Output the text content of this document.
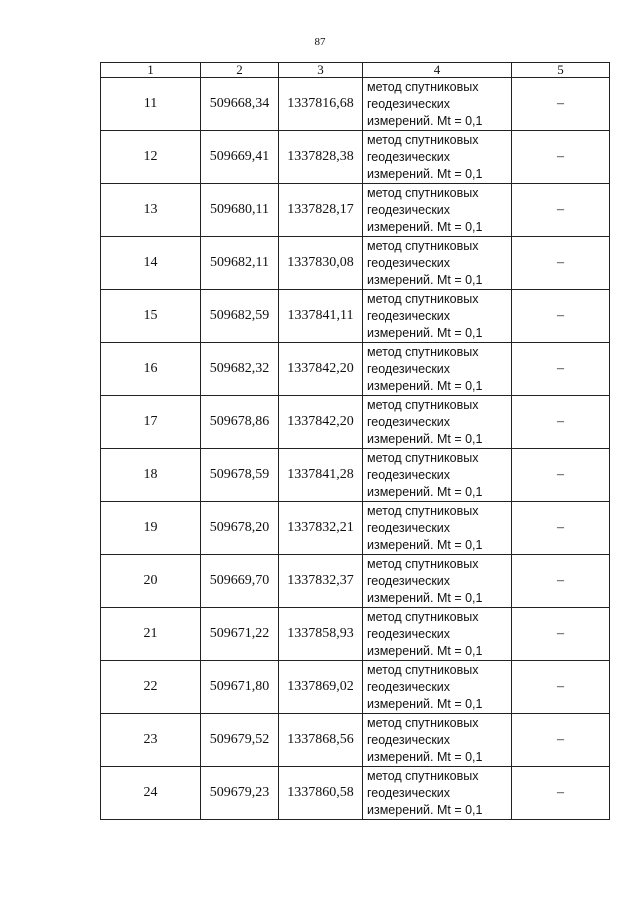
87
1	2	3	4	5
11	509668,34	1337816,68	метод спутниковых
геодезических
измерений. Mt = 0,1	–
12	509669,41	1337828,38	метод спутниковых
геодезических
измерений. Mt = 0,1	–
13	509680,11	1337828,17	метод спутниковых
геодезических
измерений. Mt = 0,1	–
14	509682,11	1337830,08	метод спутниковых
геодезических
измерений. Mt = 0,1	–
15	509682,59	1337841,11	метод спутниковых
геодезических
измерений. Mt = 0,1	–
16	509682,32	1337842,20	метод спутниковых
геодезических
измерений. Mt = 0,1	–
17	509678,86	1337842,20	метод спутниковых
геодезических
измерений. Mt = 0,1	–
18	509678,59	1337841,28	метод спутниковых
геодезических
измерений. Mt = 0,1	–
19	509678,20	1337832,21	метод спутниковых
геодезических
измерений. Mt = 0,1	–
20	509669,70	1337832,37	метод спутниковых
геодезических
измерений. Mt = 0,1	–
21	509671,22	1337858,93	метод спутниковых
геодезических
измерений. Mt = 0,1	–
22	509671,80	1337869,02	метод спутниковых
геодезических
измерений. Mt = 0,1	–
23	509679,52	1337868,56	метод спутниковых
геодезических
измерений. Mt = 0,1	–
24	509679,23	1337860,58	метод спутниковых
геодезических
измерений. Mt = 0,1	–
